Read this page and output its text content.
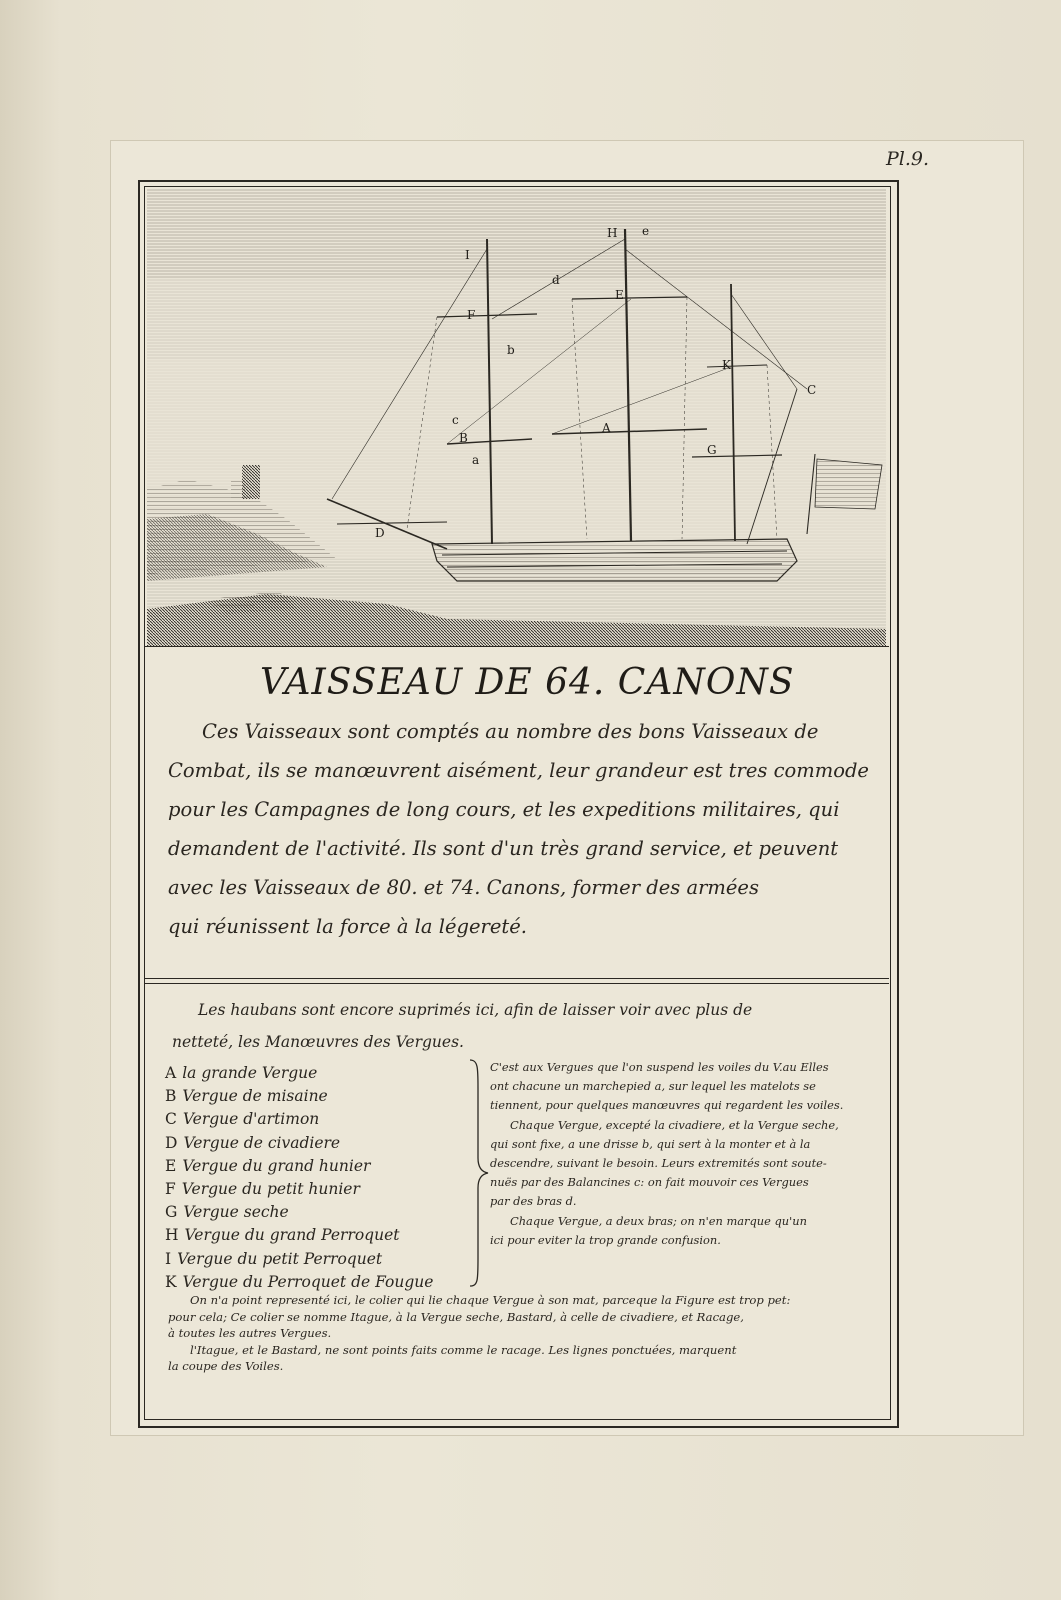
Pl.9.
A
B
C
D
E
F
G
H
I
K
a
b
c
d
e
VAISSEAU DE 64. CANONS
Ces Vaisseaux sont comptés au nombre des bons Vaisseaux de
Combat, ils se manœuvrent aisément, leur grandeur est tres commode
pour les Campagnes de long cours, et les expeditions militaires, qui
demandent de l'activité. Ils sont d'un très grand service, et peuvent
avec les Vaisseaux de 80. et 74. Canons, former des armées
qui réunissent la force à la légereté.
Les haubans sont encore suprimés ici, afin de laisser voir avec plus de
netteté, les Manœuvres des Vergues.
A la grande Vergue
B Vergue de misaine
C Vergue d'artimon
D Vergue de civadiere
E Vergue du grand hunier
F Vergue du petit hunier
G Vergue seche
H Vergue du grand Perroquet
I Vergue du petit Perroquet
K Vergue du Perroquet de Fougue
C'est aux Vergues que l'on suspend les voiles du V.au Elles
ont chacune un marchepied a, sur lequel les matelots se
tiennent, pour quelques manœuvres qui regardent les voiles.
Chaque Vergue, excepté la civadiere, et la Vergue seche,
qui sont fixe, a une drisse b, qui sert à la monter et à la
descendre, suivant le besoin. Leurs extremités sont soute-
nuës par des Balancines c: on fait mouvoir ces Vergues
par des bras d.
Chaque Vergue, a deux bras; on n'en marque qu'un
ici pour eviter la trop grande confusion.
On n'a point representé ici, le colier qui lie chaque Vergue à son mat, parceque la Figure est trop pet:
pour cela; Ce colier se nomme Itague, à la Vergue seche, Bastard, à celle de civadiere, et Racage,
à toutes les autres Vergues.
l'Itague, et le Bastard, ne sont points faits comme le racage. Les lignes ponctuées, marquent
la coupe des Voiles.
